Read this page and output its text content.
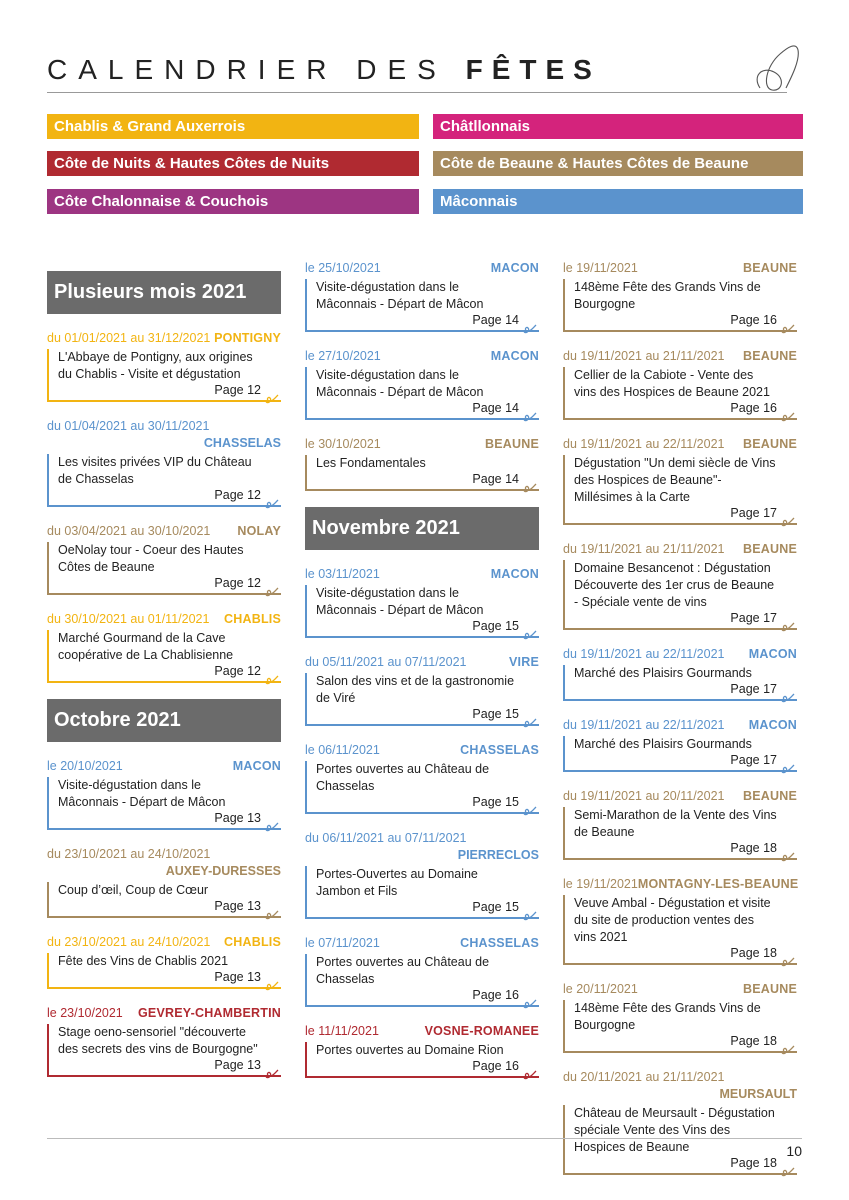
CALENDRIER DES FÊTES
Chablis & Grand Auxerrois	Châtllonnais
Côte de Nuits & Hautes Côtes de Nuits	Côte de Beaune & Hautes Côtes de Beaune
Côte Chalonnaise & Couchois	Mâconnais
Plusieurs mois 2021
du 01/01/2021 au 31/12/2021 PONTIGNY
L'Abbaye de Pontigny, aux origines du Chablis - Visite et dégustation
Page 12
du 01/04/2021 au 30/11/2021
CHASSELAS
Les visites privées VIP du Château de Chasselas
Page 12
du 03/04/2021 au 30/10/2021 NOLAY
OeNolay tour - Coeur des Hautes Côtes de Beaune
Page 12
du 30/10/2021 au 01/11/2021 CHABLIS
Marché Gourmand de la Cave coopérative de La Chablisienne
Page 12
Octobre 2021
le 20/10/2021	MACON
Visite-dégustation dans le Mâconnais - Départ de Mâcon
Page 13
du 23/10/2021 au 24/10/2021
AUXEY-DURESSES
Coup d’œil, Coup de Cœur
Page 13
du 23/10/2021 au 24/10/2021 CHABLIS
Fête des Vins de Chablis 2021
Page 13
le 23/10/2021 GEVREY-CHAMBERTIN
Stage oeno-sensoriel "découverte des secrets des vins de Bourgogne"
Page 13
le 25/10/2021	MACON
Visite-dégustation dans le Mâconnais - Départ de Mâcon
Page 14
le 27/10/2021	MACON
Visite-dégustation dans le Mâconnais - Départ de Mâcon
Page 14
le 30/10/2021	BEAUNE
Les Fondamentales
Page 14
Novembre 2021
le 03/11/2021	MACON
Visite-dégustation dans le Mâconnais - Départ de Mâcon
Page 15
du 05/11/2021 au 07/11/2021	VIRE
Salon des vins et de la gastronomie de Viré
Page 15
le 06/11/2021	CHASSELAS
Portes ouvertes au Château de Chasselas
Page 15
du 06/11/2021 au 07/11/2021
PIERRECLOS
Portes-Ouvertes au Domaine Jambon et Fils
Page 15
le 07/11/2021	CHASSELAS
Portes ouvertes au Château de Chasselas
Page 16
le 11/11/2021	VOSNE-ROMANEE
Portes ouvertes au Domaine Rion
Page 16
le 19/11/2021	BEAUNE
148ème Fête des Grands Vins de Bourgogne
Page 16
du 19/11/2021 au 21/11/2021 BEAUNE
Cellier de la Cabiote - Vente des vins des Hospices de Beaune 2021
Page 16
du 19/11/2021 au 22/11/2021 BEAUNE
Dégustation "Un demi siècle de Vins des Hospices de Beaune"- Millésimes à la Carte
Page 17
du 19/11/2021 au 21/11/2021 BEAUNE
Domaine Besancenot : Dégustation Découverte des 1er crus de Beaune - Spéciale vente de vins
Page 17
du 19/11/2021 au 22/11/2021 MACON
Marché des Plaisirs Gourmands
Page 17
du 19/11/2021 au 22/11/2021 MACON
Marché des Plaisirs Gourmands
Page 17
du 19/11/2021 au 20/11/2021 BEAUNE
Semi-Marathon de la Vente des Vins de Beaune
Page 18
le 19/11/2021 MONTAGNY-LES-BEAUNE
Veuve Ambal - Dégustation et visite du site de production ventes des vins 2021
Page 18
le 20/11/2021	BEAUNE
148ème Fête des Grands Vins de Bourgogne
Page 18
du 20/11/2021 au 21/11/2021
MEURSAULT
Château de Meursault - Dégustation spéciale Vente des Vins des Hospices de Beaune
Page 18
10
